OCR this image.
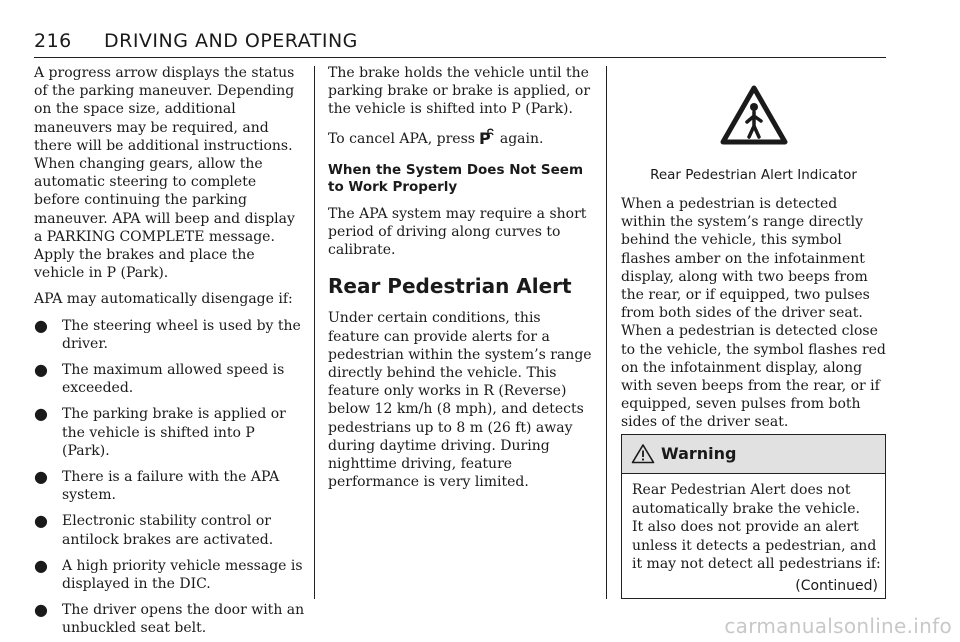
216 DRIVING AND OPERATING

A progress arrow displays the status of the parking maneuver. Depending on the space size, additional maneuvers may be required, and there will be additional instructions. When changing gears, allow the automatic steering to complete before continuing the parking maneuver. APA will beep and display a PARKING COMPLETE message. Apply the brakes and place the vehicle in P (Park).

APA may automatically disengage if:

● The steering wheel is used by the driver.
● The maximum allowed speed is exceeded.
● The parking brake is applied or the vehicle is shifted into P (Park).
● There is a failure with the APA system.
● Electronic stability control or antilock brakes are activated.
● A high priority vehicle message is displayed in the DIC.
● The driver opens the door with an unbuckled seat belt.

The brake holds the vehicle until the parking brake or brake is applied, or the vehicle is shifted into P (Park).

To cancel APA, press P again.

When the System Does Not Seem to Work Properly

The APA system may require a short period of driving along curves to calibrate.

Rear Pedestrian Alert

Under certain conditions, this feature can provide alerts for a pedestrian within the system’s range directly behind the vehicle. This feature only works in R (Reverse) below 12 km/h (8 mph), and detects pedestrians up to 8 m (26 ft) away during daytime driving. During nighttime driving, feature performance is very limited.

Rear Pedestrian Alert Indicator

When a pedestrian is detected within the system’s range directly behind the vehicle, this symbol flashes amber on the infotainment display, along with two beeps from the rear, or if equipped, two pulses from both sides of the driver seat. When a pedestrian is detected close to the vehicle, the symbol flashes red on the infotainment display, along with seven beeps from the rear, or if equipped, seven pulses from both sides of the driver seat.

Warning

Rear Pedestrian Alert does not automatically brake the vehicle.

It also does not provide an alert unless it detects a pedestrian, and it may not detect all pedestrians if:

(Continued)
carmanualsonline.info
